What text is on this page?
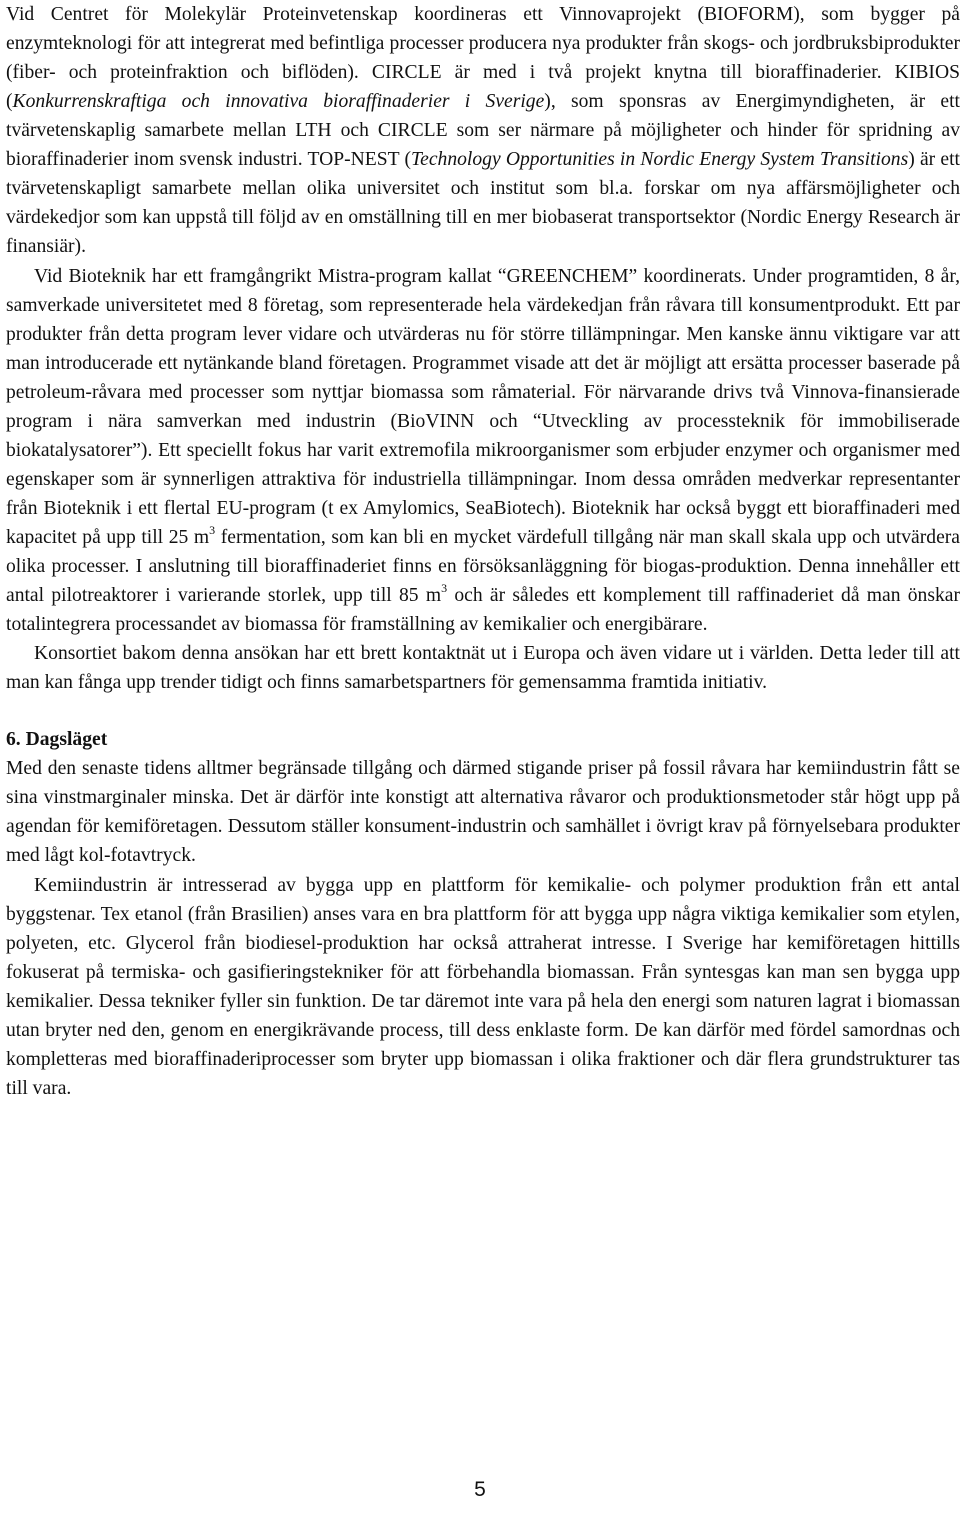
Vid Centret för Molekylär Proteinvetenskap koordineras ett Vinnovaprojekt (BIOFORM), som bygger på enzymteknologi för att integrerat med befintliga processer producera nya produkter från skogs- och jordbruksbiprodukter (fiber- och proteinfraktion och biflöden). CIRCLE är med i två projekt knytna till bioraffinaderier. KIBIOS (Konkurrenskraftiga och innovativa bioraffinaderier i Sverige), som sponsras av Energimyndigheten, är ett tvärvetenskaplig samarbete mellan LTH och CIRCLE som ser närmare på möjligheter och hinder för spridning av bioraffinaderier inom svensk industri. TOP-NEST (Technology Opportunities in Nordic Energy System Transitions) är ett tvärvetenskapligt samarbete mellan olika universitet och institut som bl.a. forskar om nya affärsmöjligheter och värdekedjor som kan uppstå till följd av en omställning till en mer biobaserat transportsektor (Nordic Energy Research är finansiär).

Vid Bioteknik har ett framgångrikt Mistra-program kallat “GREENCHEM” koordinerats. Under programtiden, 8 år, samverkade universitetet med 8 företag, som representerade hela värdekedjan från råvara till konsumentprodukt. Ett par produkter från detta program lever vidare och utvärderas nu för större tillämpningar. Men kanske ännu viktigare var att man introducerade ett nytänkande bland företagen. Programmet visade att det är möjligt att ersätta processer baserade på petroleum-råvara med processer som nyttjar biomassa som råmaterial. För närvarande drivs två Vinnova-finansierade program i nära samverkan med industrin (BioVINN och “Utveckling av processteknik för immobiliserade biokatalysatorer”). Ett speciellt fokus har varit extremofila mikroorganismer som erbjuder enzymer och organismer med egenskaper som är synnerligen attraktiva för industriella tillämpningar. Inom dessa områden medverkar representanter från Bioteknik i ett flertal EU-program (t ex Amylomics, SeaBiotech). Bioteknik har också byggt ett bioraffinaderi med kapacitet på upp till 25 $m^3$ fermentation, som kan bli en mycket värdefull tillgång när man skall skala upp och utvärdera olika processer. I anslutning till bioraffinaderiet finns en försöksanläggning för biogas-produktion. Denna innehåller ett antal pilotreaktorer i varierande storlek, upp till 85 $m^3$ och är således ett komplement till raffinaderiet då man önskar totalintegrera processandet av biomassa för framställning av kemikalier och energibärare.

Konsortiet bakom denna ansökan har ett brett kontaktnät ut i Europa och även vidare ut i världen. Detta leder till att man kan fånga upp trender tidigt och finns samarbetspartners för gemensamma framtida initiativ.

6. Dagsläget

Med den senaste tidens alltmer begränsade tillgång och därmed stigande priser på fossil råvara har kemiindustrin fått se sina vinstmarginaler minska. Det är därför inte konstigt att alternativa råvaror och produktionsmetoder står högt upp på agendan för kemiföretagen. Dessutom ställer konsument-industrin och samhället i övrigt krav på förnyelsebara produkter med lågt kol-fotavtryck.

Kemiindustrin är intresserad av bygga upp en plattform för kemikalie- och polymer produktion från ett antal byggstenar. Tex etanol (från Brasilien) anses vara en bra plattform för att bygga upp några viktiga kemikalier som etylen, polyeten, etc. Glycerol från biodiesel-produktion har också attraherat intresse. I Sverige har kemiföretagen hittills fokuserat på termiska- och gasifieringstekniker för att förbehandla biomassan. Från syntesgas kan man sen bygga upp kemikalier. Dessa tekniker fyller sin funktion. De tar däremot inte vara på hela den energi som naturen lagrat i biomassan utan bryter ned den, genom en energikrävande process, till dess enklaste form. De kan därför med fördel samordnas och kompletteras med bioraffinaderiprocesser som bryter upp biomassan i olika fraktioner och där flera grundstrukturer tas till vara.

5
